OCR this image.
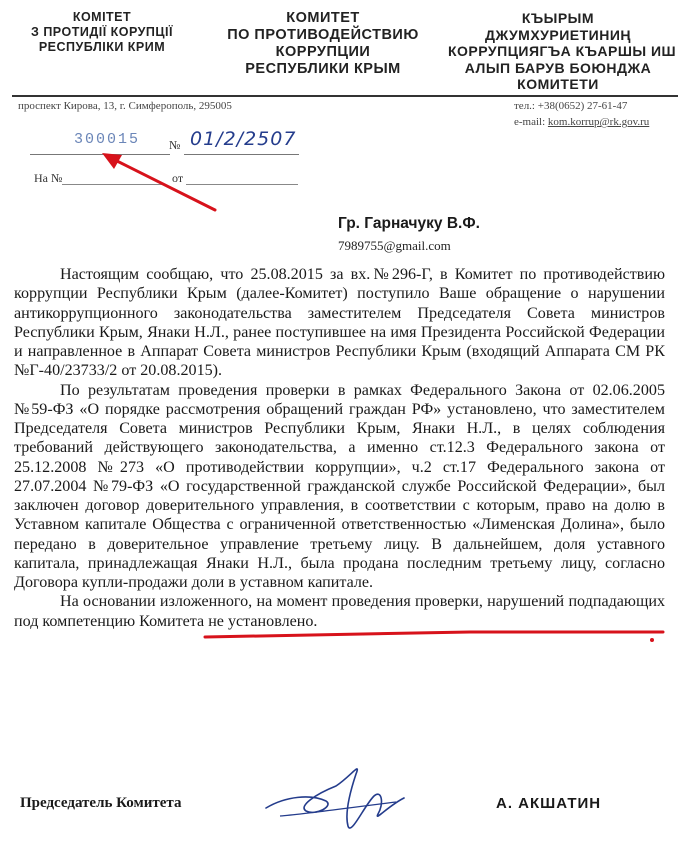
КОМІТЕТ
З ПРОТИДІЇ КОРУПЦІЇ
РЕСПУБЛІКИ КРИМ
КОМИТЕТ
ПО ПРОТИВОДЕЙСТВИЮ
КОРРУПЦИИ
РЕСПУБЛИКИ КРЫМ
КЪЫРЫМ
ДЖУМХУРИЕТИНИҢ
КОРРУПЦИЯГЪА КЪАРШЫ ИШ
АЛЫП БАРУВ БОЮНДЖА
КОМИТЕТИ
проспект Кирова, 13, г. Симферополь, 295005	тел.: +38(0652) 27-61-47
e-mail: kom.korrup@rk.gov.ru
300015 № 01/2/2507
На №	от
Гр. Гарначуку В.Ф.
7989755@gmail.com

Настоящим сообщаю, что 25.08.2015 за вх.№296-Г, в Комитет по противодействию коррупции Республики Крым (далее-Комитет) поступило Ваше обращение о нарушении антикоррупционного законодательства заместителем Председателя Совета министров Республики Крым, Янаки Н.Л., ранее поступившее на имя Президента Российской Федерации и направленное в Аппарат Совета министров Республики Крым (входящий Аппарата СМ РК №Г-40/23733/2 от 20.08.2015).

По результатам проведения проверки в рамках Федерального Закона от 02.06.2005 №59-ФЗ «О порядке рассмотрения обращений граждан РФ» установлено, что заместителем Председателя Совета министров Республики Крым, Янаки Н.Л., в целях соблюдения требований действующего законодательства, а именно ст.12.3 Федерального закона от 25.12.2008 №273 «О противодействии коррупции», ч.2 ст.17 Федерального закона от 27.07.2004 №79-ФЗ «О государственной гражданской службе Российской Федерации», был заключен договор доверительного управления, в соответствии с которым, право на долю в Уставном капитале Общества с ограниченной ответственностью «Лименская Долина», было передано в доверительное управление третьему лицу. В дальнейшем, доля уставного капитала, принадлежащая Янаки Н.Л., была продана последним третьему лицу, согласно Договора купли-продажи доли в уставном капитале.

На основании изложенного, на момент проведения проверки, нарушений подпадающих под компетенцию Комитета не установлено.

Председатель Комитета	А. АКШАТИН
